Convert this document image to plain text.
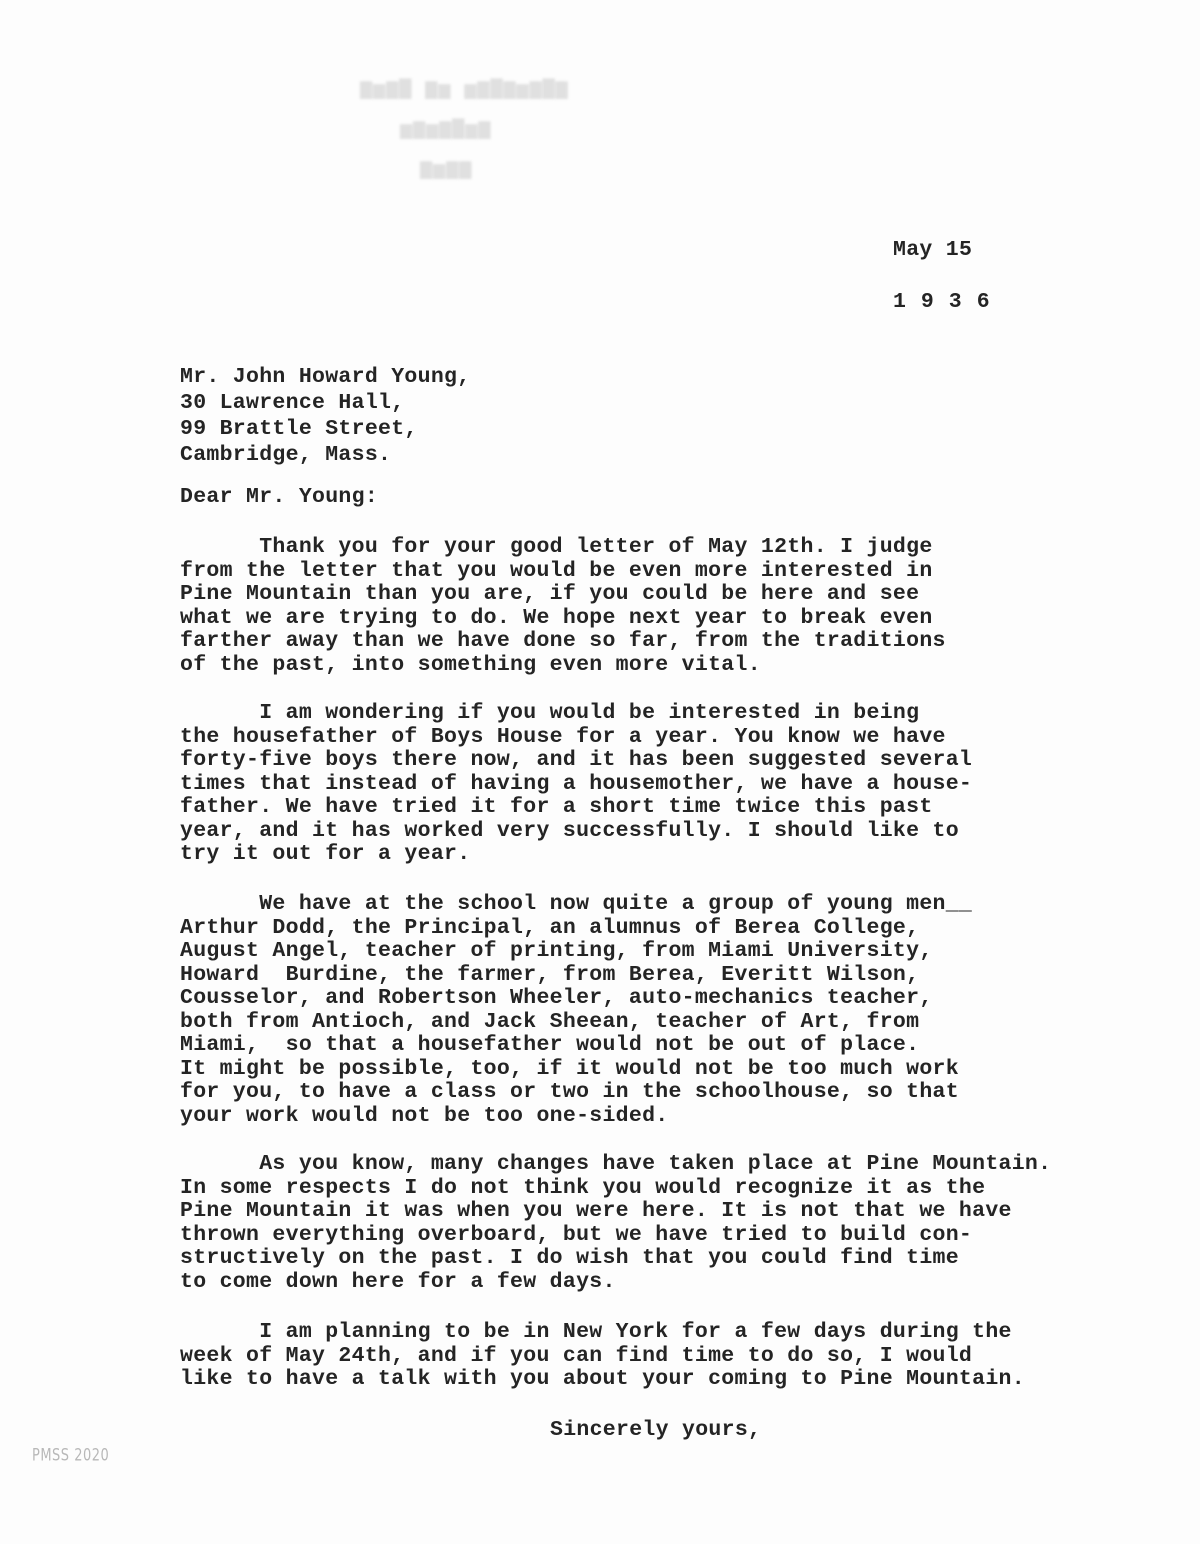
▆▅▆▇ ▆▅ ▅▆▇▆▅▆▇▆
▅▆▅▆▇▅▆
▆▅▆▆
May 15
1936
Mr. John Howard Young,
30 Lawrence Hall,
99 Brattle Street,
Cambridge, Mass.
Dear Mr. Young:
Thank you for your good letter of May 12th. I judge
from the letter that you would be even more interested in
Pine Mountain than you are, if you could be here and see
what we are trying to do. We hope next year to break even
farther away than we have done so far, from the traditions
of the past, into something even more vital.
I am wondering if you would be interested in being
the housefather of Boys House for a year. You know we have
forty-five boys there now, and it has been suggested several
times that instead of having a housemother, we have a house-
father. We have tried it for a short time twice this past
year, and it has worked very successfully. I should like to
try it out for a year.
We have at the school now quite a group of young men__
Arthur Dodd, the Principal, an alumnus of Berea College,
August Angel, teacher of printing, from Miami University,
Howard  Burdine, the farmer, from Berea, Everitt Wilson,
Cousselor, and Robertson Wheeler, auto-mechanics teacher,
both from Antioch, and Jack Sheean, teacher of Art, from
Miami,  so that a housefather would not be out of place.
It might be possible, too, if it would not be too much work
for you, to have a class or two in the schoolhouse, so that
your work would not be too one-sided.
As you know, many changes have taken place at Pine Mountain.
In some respects I do not think you would recognize it as the
Pine Mountain it was when you were here. It is not that we have
thrown everything overboard, but we have tried to build con-
structively on the past. I do wish that you could find time
to come down here for a few days.
I am planning to be in New York for a few days during the
week of May 24th, and if you can find time to do so, I would
like to have a talk with you about your coming to Pine Mountain.
Sincerely yours,
PMSS 2020
